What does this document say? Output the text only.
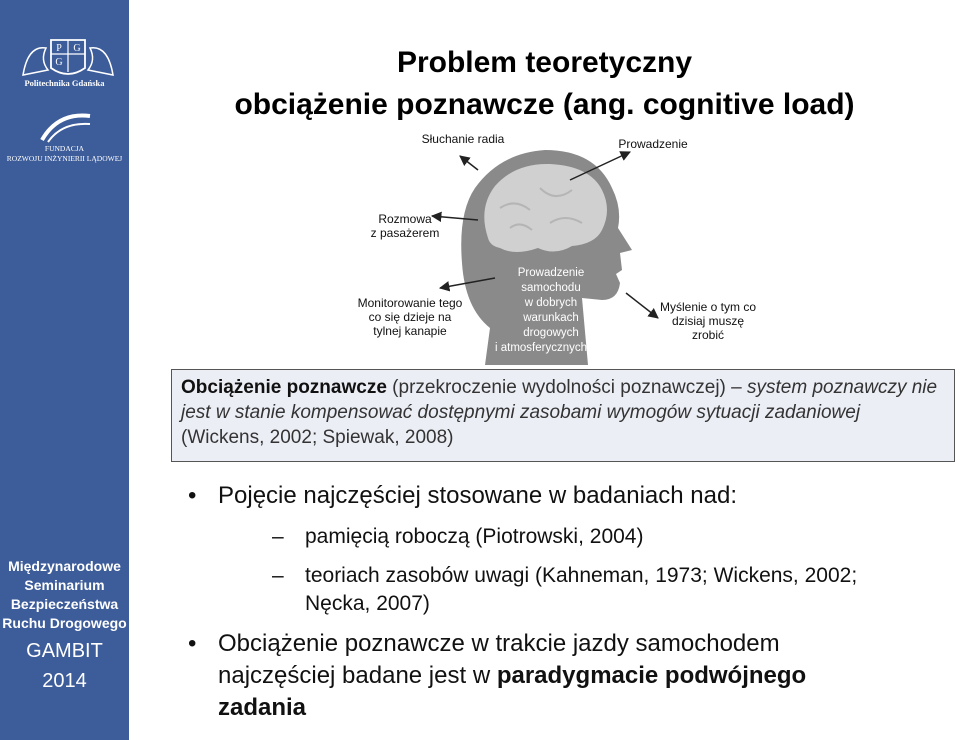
P G
G
Politechnika Gdańska
FUNDACJA
ROZWOJU INŻYNIERII LĄDOWEJ
Międzynarodowe
Seminarium
Bezpieczeństwa
Ruchu Drogowego
GAMBIT
2014
Problem teoretyczny
obciążenie poznawcze (ang. cognitive load)
Słuchanie radia	Prowadzenie
Rozmowa
z pasażerem
Monitorowanie tego
co się dzieje na
tylnej kanapie
Myślenie o tym co
dzisiaj muszę
zrobić
Prowadzenie
samochodu
w dobrych
warunkach
drogowych
i atmosferycznych
Obciążenie poznawcze (przekroczenie wydolności poznawczej) – system poznawczy nie jest w stanie kompensować dostępnymi zasobami wymogów sytuacji zadaniowej (Wickens, 2002; Spiewak, 2008)
• Pojęcie najczęściej stosowane w badaniach nad:
– pamięcią roboczą (Piotrowski, 2004)
– teoriach zasobów uwagi (Kahneman, 1973; Wickens, 2002;
Nęcka, 2007)
• Obciążenie poznawcze w trakcie jazdy samochodem
najczęściej badane jest w paradygmacie podwójnego
zadania
